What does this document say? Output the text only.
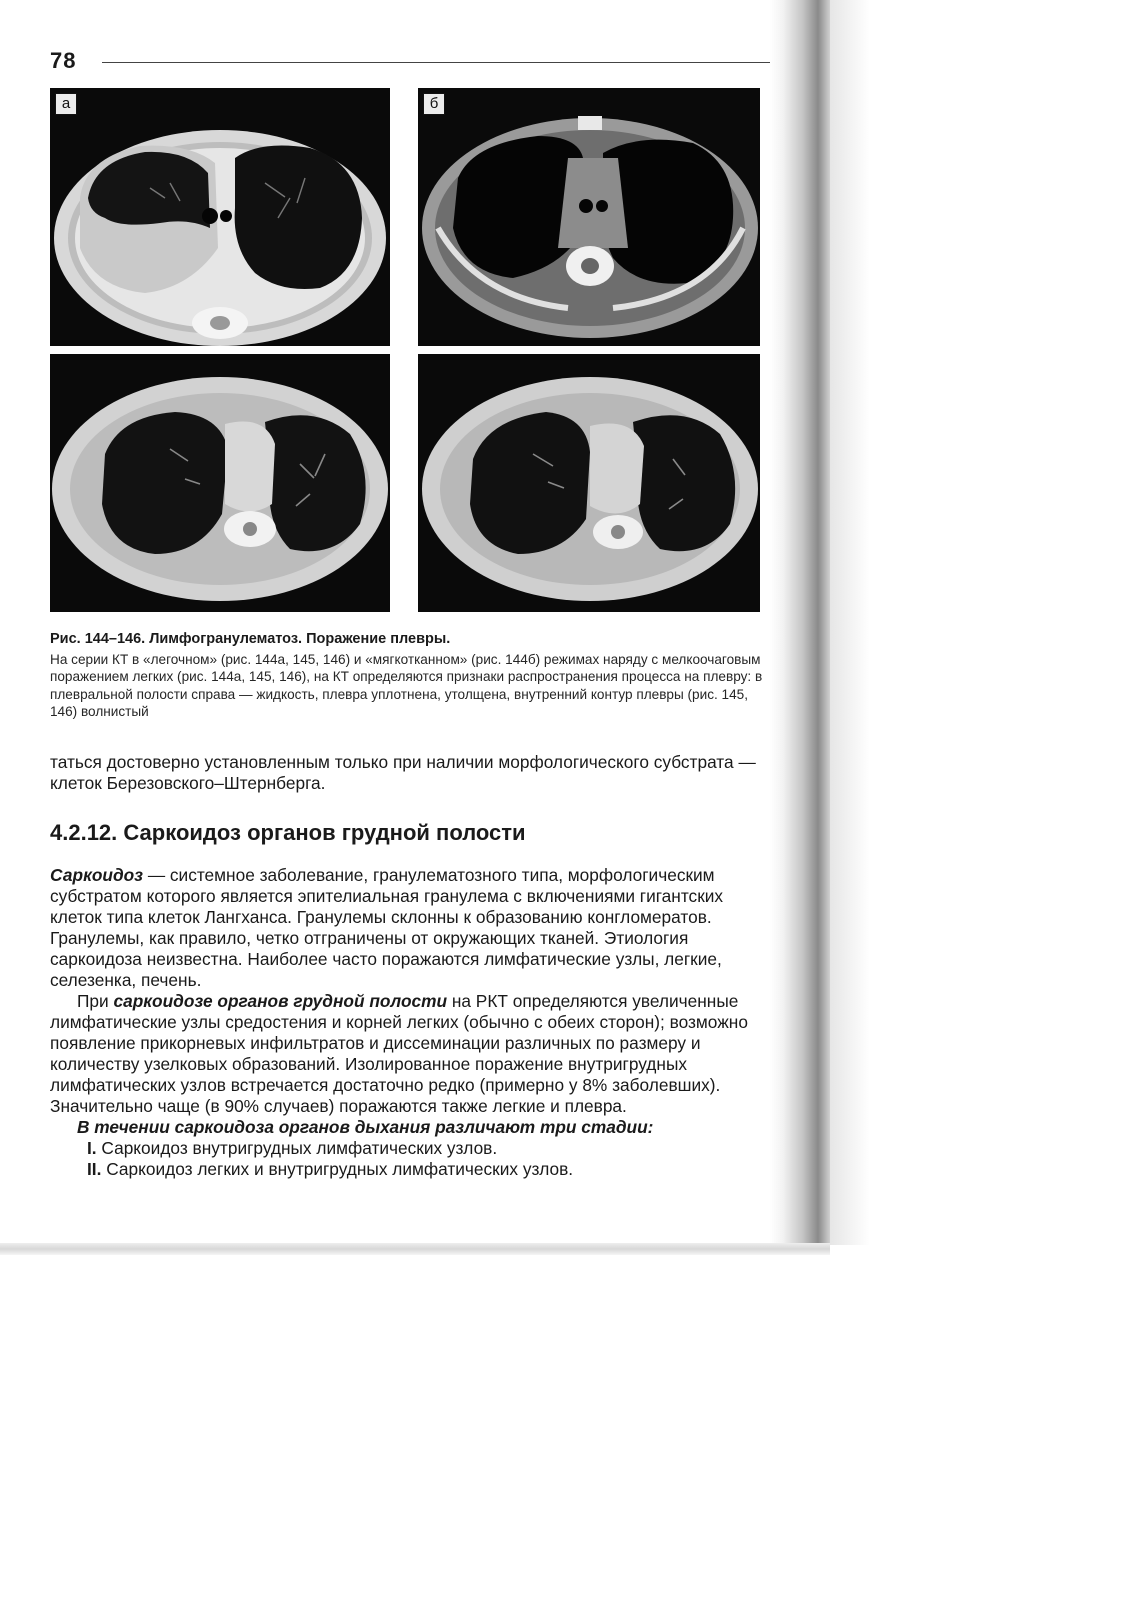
78
а	б
Рис. 144–146. Лимфогранулематоз. Поражение плевры.
На серии КТ в «легочном» (рис. 144а, 145, 146) и «мягкотканном» (рис. 144б) режимах наряду с мелкоочаговым поражением легких (рис. 144а, 145, 146), на КТ определяются признаки распространения процесса на плевру: в плевральной полости справа — жидкость, плевра уплотнена, утолщена, внутренний контур плевры (рис. 145, 146) волнистый
таться достоверно установленным только при наличии морфологического субстрата — клеток Березовского–Штернберга.
4.2.12. Саркоидоз органов грудной полости

Саркоидоз — системное заболевание, гранулематозного типа, морфологическим субстратом которого является эпителиальная гранулема с включениями гигантских клеток типа клеток Лангханса. Гранулемы склонны к образованию конгломератов. Гранулемы, как правило, четко отграничены от окружающих тканей. Этиология саркоидоза неизвестна. Наиболее часто поражаются лимфатические узлы, легкие, селезенка, печень.

При саркоидозе органов грудной полости на РКТ определяются увеличенные лимфатические узлы средостения и корней легких (обычно с обеих сторон); возможно появление прикорневых инфильтратов и диссеминации различных по размеру и количеству узелковых образований. Изолированное поражение внутригрудных лимфатических узлов встречается достаточно редко (примерно у 8% заболевших). Значительно чаще (в 90% случаев) поражаются также легкие и плевра.

В течении саркоидоза органов дыхания различают три стадии:

I. Саркоидоз внутригрудных лимфатических узлов.

II. Саркоидоз легких и внутригрудных лимфатических узлов.
